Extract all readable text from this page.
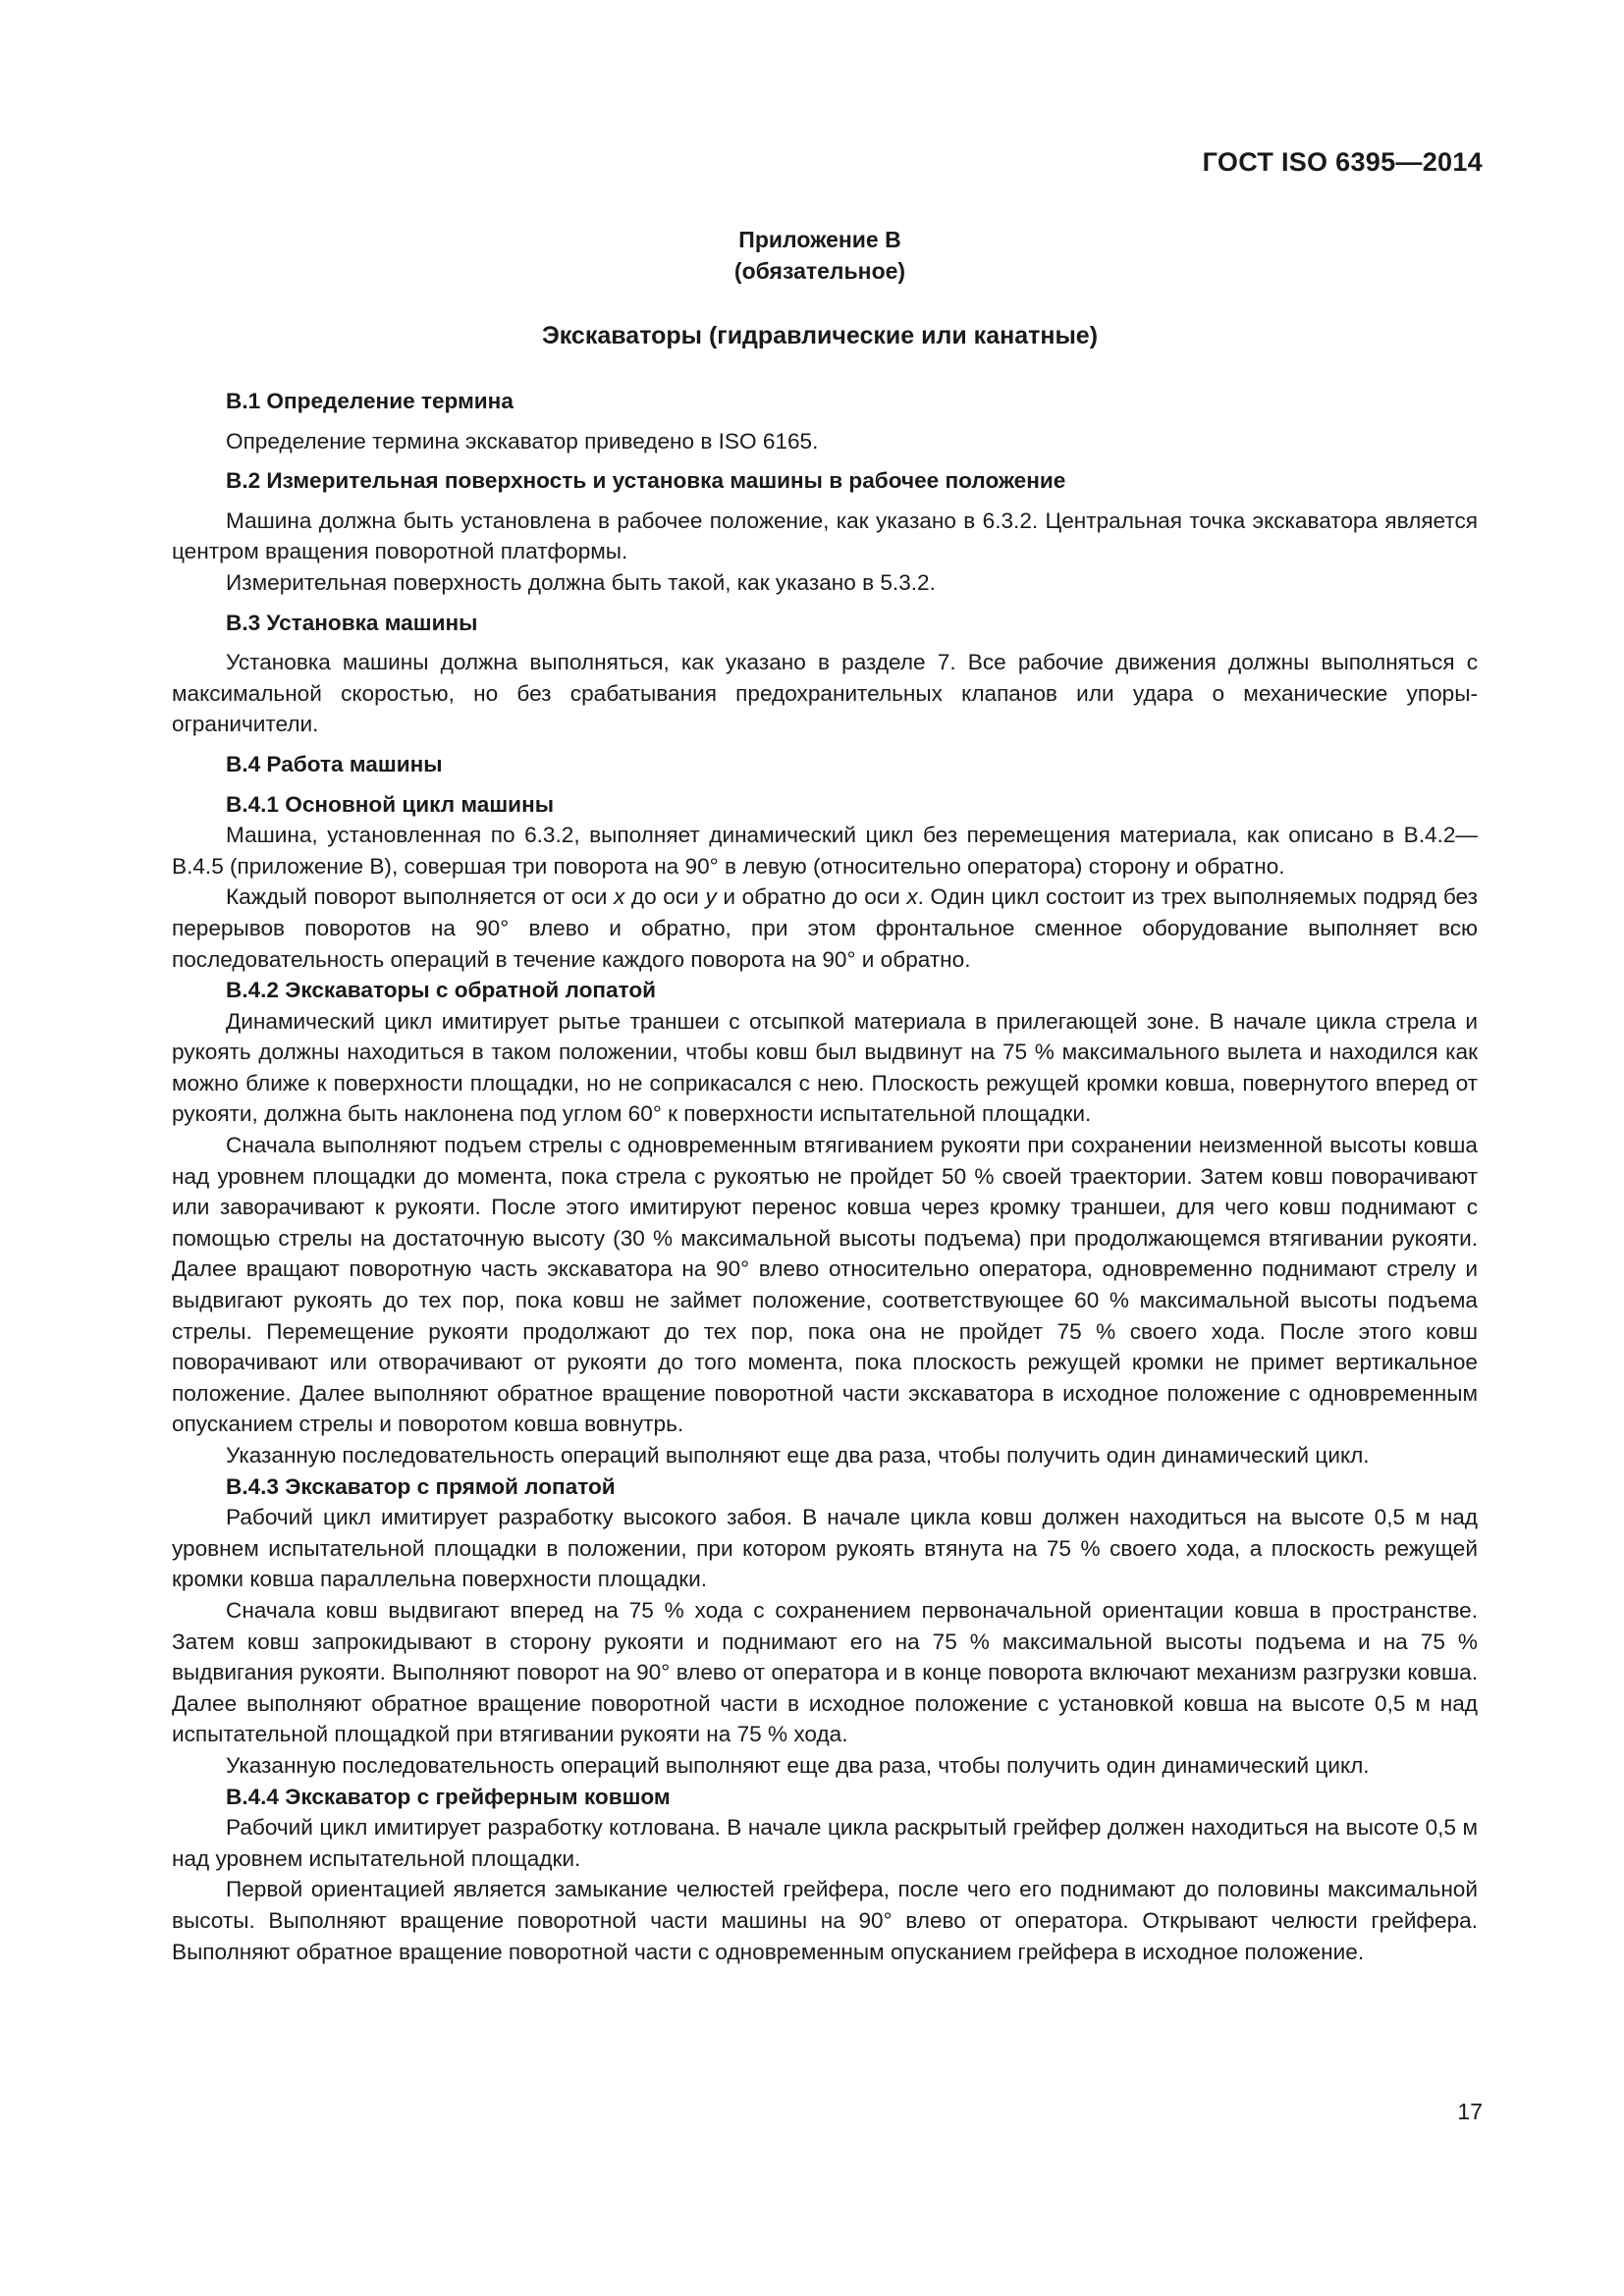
ГОСТ ISO 6395—2014
Приложение В
(обязательное)
Экскаваторы (гидравлические или канатные)

В.1 Определение термина

Определение термина экскаватор приведено в ISO 6165.

В.2 Измерительная поверхность и установка машины в рабочее положение

Машина должна быть установлена в рабочее положение, как указано в 6.3.2. Центральная точка экскаватора является центром вращения поворотной платформы.

Измерительная поверхность должна быть такой, как указано в 5.3.2.

В.3 Установка машины

Установка машины должна выполняться, как указано в разделе 7. Все рабочие движения должны выполняться с максимальной скоростью, но без срабатывания предохранительных клапанов или удара о механические упоры-ограничители.

В.4 Работа машины

В.4.1 Основной цикл машины

Машина, установленная по 6.3.2, выполняет динамический цикл без перемещения материала, как описано в В.4.2—В.4.5 (приложение В), совершая три поворота на 90° в левую (относительно оператора) сторону и обратно.

Каждый поворот выполняется от оси x до оси y и обратно до оси x. Один цикл состоит из трех выполняемых подряд без перерывов поворотов на 90° влево и обратно, при этом фронтальное сменное оборудование выполняет всю последовательность операций в течение каждого поворота на 90° и обратно.

В.4.2 Экскаваторы с обратной лопатой

Динамический цикл имитирует рытье траншеи с отсыпкой материала в прилегающей зоне. В начале цикла стрела и рукоять должны находиться в таком положении, чтобы ковш был выдвинут на 75 % максимального вылета и находился как можно ближе к поверхности площадки, но не соприкасался с нею. Плоскость режущей кромки ковша, повернутого вперед от рукояти, должна быть наклонена под углом 60° к поверхности испытательной площадки.

Сначала выполняют подъем стрелы с одновременным втягиванием рукояти при сохранении неизменной высоты ковша над уровнем площадки до момента, пока стрела с рукоятью не пройдет 50 % своей траектории. Затем ковш поворачивают или заворачивают к рукояти. После этого имитируют перенос ковша через кромку траншеи, для чего ковш поднимают с помощью стрелы на достаточную высоту (30 % максимальной высоты подъема) при продолжающемся втягивании рукояти. Далее вращают поворотную часть экскаватора на 90° влево относительно оператора, одновременно поднимают стрелу и выдвигают рукоять до тех пор, пока ковш не займет положение, соответствующее 60 % максимальной высоты подъема стрелы. Перемещение рукояти продолжают до тех пор, пока она не пройдет 75 % своего хода. После этого ковш поворачивают или отворачивают от рукояти до того момента, пока плоскость режущей кромки не примет вертикальное положение. Далее выполняют обратное вращение поворотной части экскаватора в исходное положение с одновременным опусканием стрелы и поворотом ковша вовнутрь.

Указанную последовательность операций выполняют еще два раза, чтобы получить один динамический цикл.

В.4.3 Экскаватор с прямой лопатой

Рабочий цикл имитирует разработку высокого забоя. В начале цикла ковш должен находиться на высоте 0,5 м над уровнем испытательной площадки в положении, при котором рукоять втянута на 75 % своего хода, а плоскость режущей кромки ковша параллельна поверхности площадки.

Сначала ковш выдвигают вперед на 75 % хода с сохранением первоначальной ориентации ковша в пространстве. Затем ковш запрокидывают в сторону рукояти и поднимают его на 75 % максимальной высоты подъема и на 75 % выдвигания рукояти. Выполняют поворот на 90° влево от оператора и в конце поворота включают механизм разгрузки ковша. Далее выполняют обратное вращение поворотной части в исходное положение с установкой ковша на высоте 0,5 м над испытательной площадкой при втягивании рукояти на 75 % хода.

Указанную последовательность операций выполняют еще два раза, чтобы получить один динамический цикл.

В.4.4 Экскаватор с грейферным ковшом

Рабочий цикл имитирует разработку котлована. В начале цикла раскрытый грейфер должен находиться на высоте 0,5 м над уровнем испытательной площадки.

Первой ориентацией является замыкание челюстей грейфера, после чего его поднимают до половины максимальной высоты. Выполняют вращение поворотной части машины на 90° влево от оператора. Открывают челюсти грейфера. Выполняют обратное вращение поворотной части с одновременным опусканием грейфера в исходное положение.

17
